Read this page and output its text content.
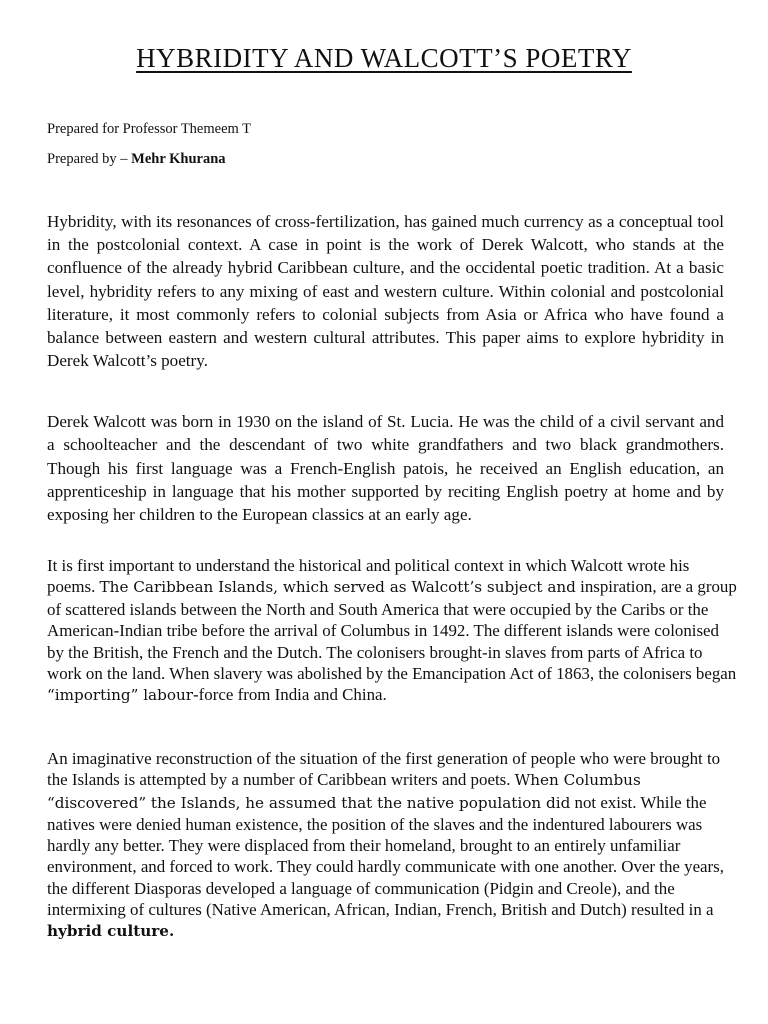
HYBRIDITY AND WALCOTT’S POETRY

Prepared for Professor Themeem T

Prepared by – Mehr Khurana

Hybridity, with its resonances of cross-fertilization, has gained much currency as a conceptual tool in the postcolonial context. A case in point is the work of Derek Walcott, who stands at the confluence of the already hybrid Caribbean culture, and the occidental poetic tradition. At a basic level, hybridity refers to any mixing of east and western culture. Within colonial and postcolonial literature, it most commonly refers to colonial subjects from Asia or Africa who have found a balance between eastern and western cultural attributes. This paper aims to explore hybridity in Derek Walcott’s poetry.

Derek Walcott was born in 1930 on the island of St. Lucia. He was the child of a civil servant and a schoolteacher and the descendant of two white grandfathers and two black grandmothers. Though his first language was a French-English patois, he received an English education, an apprenticeship in language that his mother supported by reciting English poetry at home and by exposing her children to the European classics at an early age.

It is first important to understand the historical and political context in which Walcott wrote his poems. The Caribbean Islands, which served as Walcott’s subject and inspiration, are a group of scattered islands between the North and South America that were occupied by the Caribs or the American-Indian tribe before the arrival of Columbus in 1492. The different islands were colonised by the British, the French and the Dutch. The colonisers brought-in slaves from parts of Africa to work on the land. When slavery was abolished by the Emancipation Act of 1863, the colonisers began “importing” labour-force from India and China.

An imaginative reconstruction of the situation of the first generation of people who were brought to the Islands is attempted by a number of Caribbean writers and poets. When Columbus “discovered” the Islands, he assumed that the native population did not exist. While the natives were denied human existence, the position of the slaves and the indentured labourers was hardly any better. They were displaced from their homeland, brought to an entirely unfamiliar environment, and forced to work. They could hardly communicate with one another. Over the years, the different Diasporas developed a language of communication (Pidgin and Creole), and the intermixing of cultures (Native American, African, Indian, French, British and Dutch) resulted in a hybrid culture.
